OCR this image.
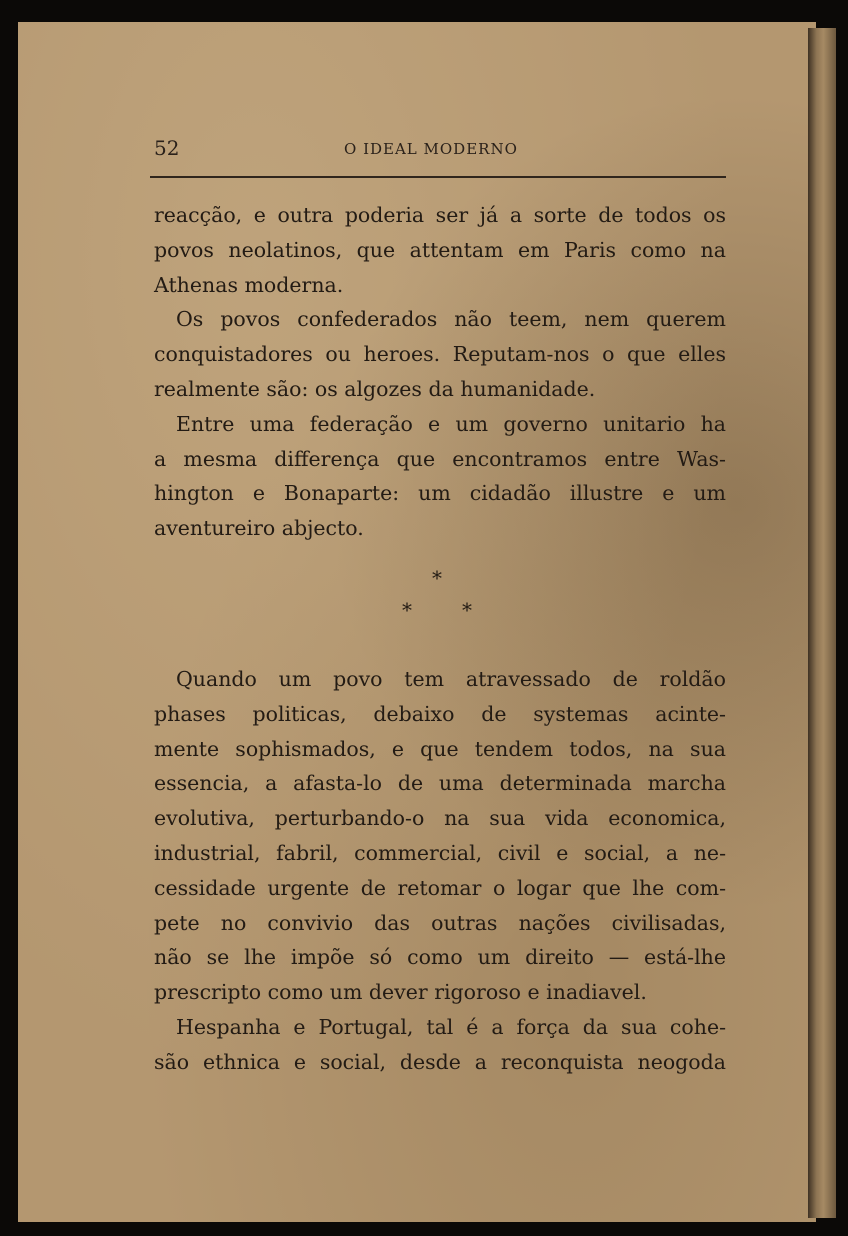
52	O IDEAL MODERNO
reacção, e outra poderia ser já a sorte de todos os
povos neolatinos, que attentam em Paris como na
Athenas moderna.
Os povos confederados não teem, nem querem
conquistadores ou heroes. Reputam-nos o que elles
realmente são: os algozes da humanidade.
Entre uma federação e um governo unitario ha
a mesma differença que encontramos entre Was-
hington e Bonaparte: um cidadão illustre e um
aventureiro abjecto.
*
*	*
Quando um povo tem atravessado de roldão
phases politicas, debaixo de systemas acinte-
mente sophismados, e que tendem todos, na sua
essencia, a afasta-lo de uma determinada marcha
evolutiva, perturbando-o na sua vida economica,
industrial, fabril, commercial, civil e social, a ne-
cessidade urgente de retomar o logar que lhe com-
pete no convivio das outras nações civilisadas,
não se lhe impõe só como um direito — está-lhe
prescripto como um dever rigoroso e inadiavel.
Hespanha e Portugal, tal é a força da sua cohe-
são ethnica e social, desde a reconquista neogoda
